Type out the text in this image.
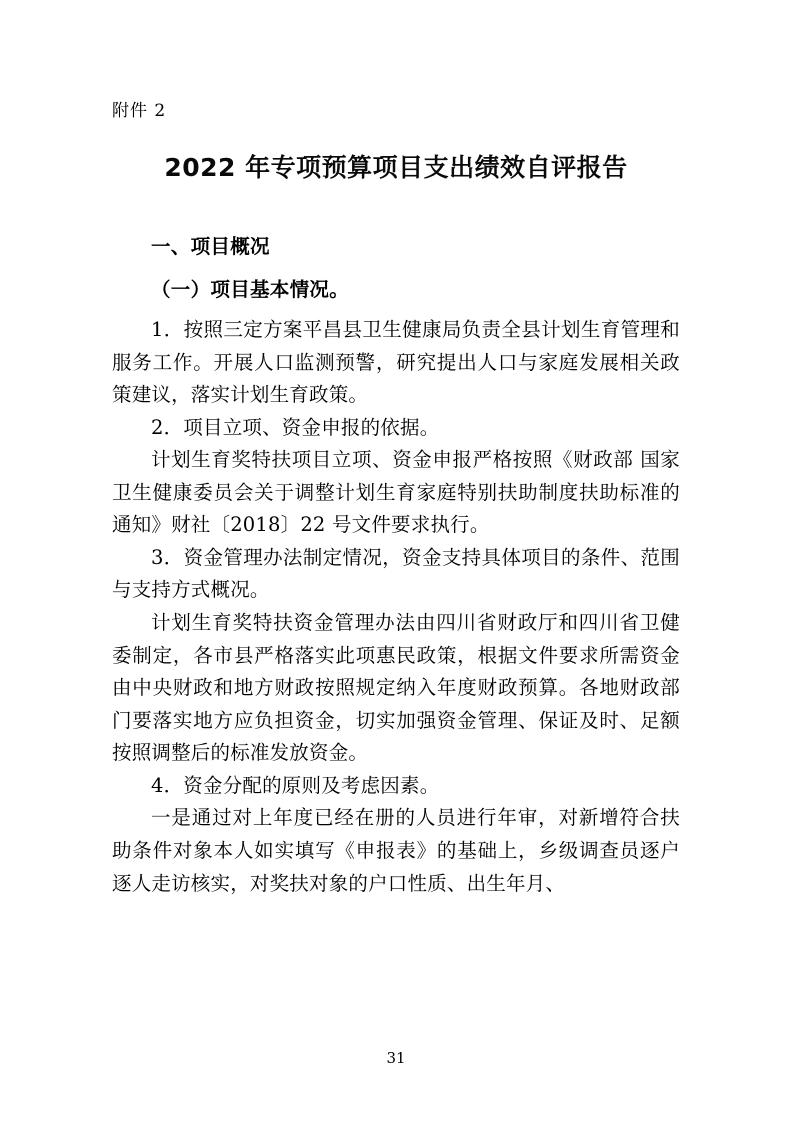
附件 2
2022 年专项预算项目支出绩效自评报告
一、项目概况
（一）项目基本情况。

1．按照三定方案平昌县卫生健康局负责全县计划生育管理和服务工作。开展人口监测预警，研究提出人口与家庭发展相关政策建议，落实计划生育政策。

2．项目立项、资金申报的依据。

计划生育奖特扶项目立项、资金申报严格按照《财政部 国家卫生健康委员会关于调整计划生育家庭特别扶助制度扶助标准的通知》财社〔2018〕22 号文件要求执行。

3．资金管理办法制定情况，资金支持具体项目的条件、范围与支持方式概况。

计划生育奖特扶资金管理办法由四川省财政厅和四川省卫健委制定，各市县严格落实此项惠民政策，根据文件要求所需资金由中央财政和地方财政按照规定纳入年度财政预算。各地财政部门要落实地方应负担资金，切实加强资金管理、保证及时、足额按照调整后的标准发放资金。

4．资金分配的原则及考虑因素。

一是通过对上年度已经在册的人员进行年审，对新增符合扶助条件对象本人如实填写《申报表》的基础上，乡级调查员逐户逐人走访核实，对奖扶对象的户口性质、出生年月、

31
